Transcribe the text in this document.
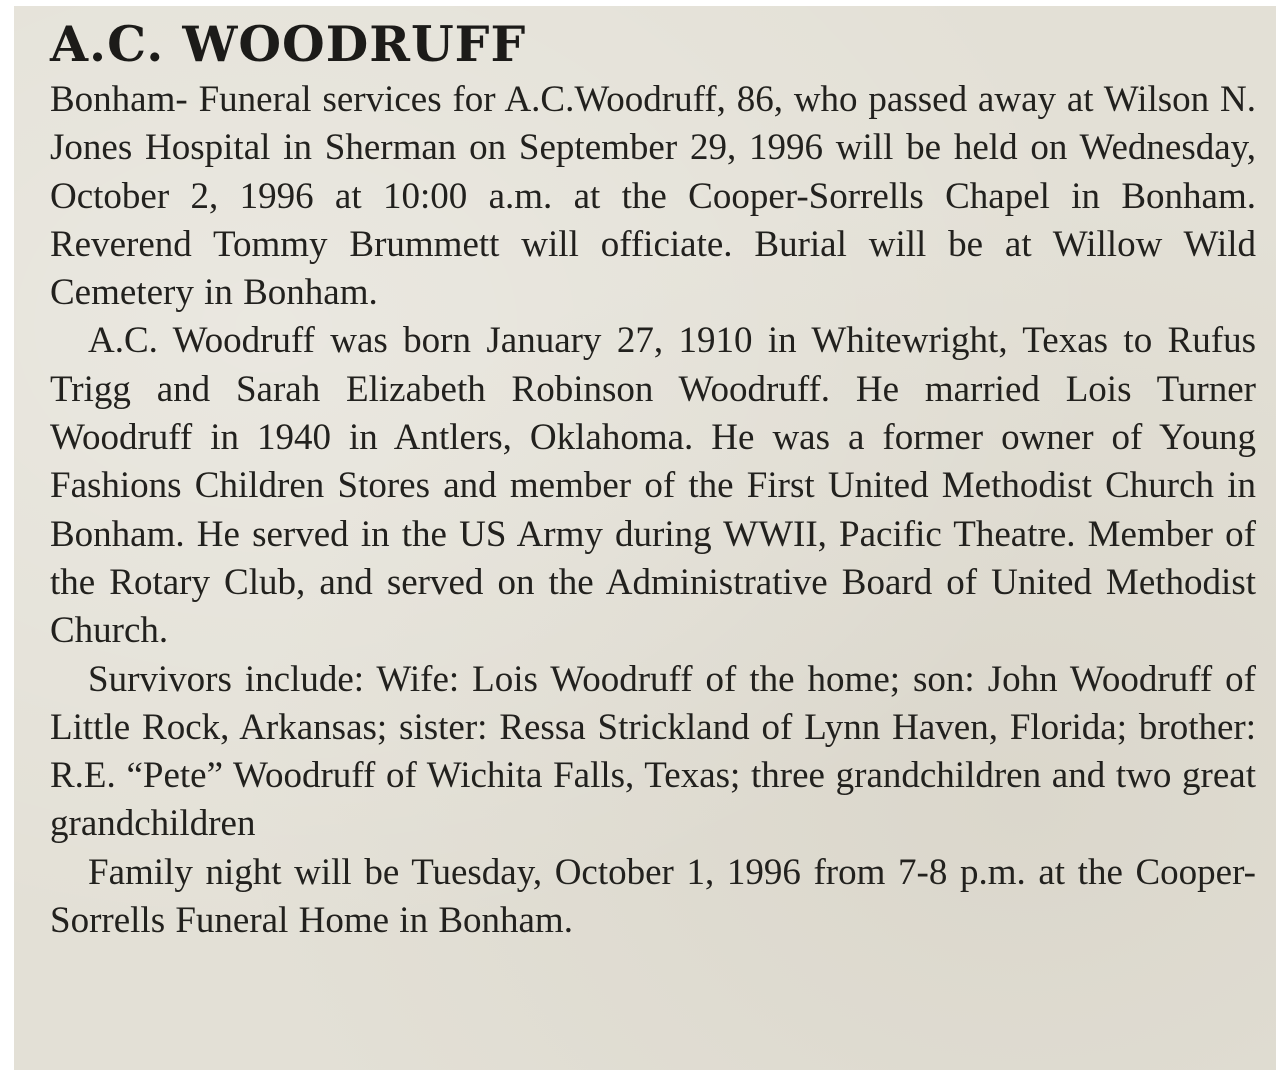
A.C. WOODRUFF

Bonham- Funeral services for A.C.Woodruff, 86, who passed away at Wilson N. Jones Hospital in Sherman on September 29, 1996 will be held on Wednesday, October 2, 1996 at 10:00 a.m. at the Cooper-Sorrells Chapel in Bonham. Reverend Tommy Brummett will officiate. Burial will be at Willow Wild Cemetery in Bonham.

A.C. Woodruff was born January 27, 1910 in Whitewright, Texas to Rufus Trigg and Sarah Elizabeth Robinson Woodruff. He married Lois Turner Woodruff in 1940 in Antlers, Oklahoma. He was a former owner of Young Fashions Children Stores and member of the First United Methodist Church in Bonham. He served in the US Army during WWII, Pacific Theatre. Member of the Rotary Club, and served on the Administrative Board of United Methodist Church.

Survivors include: Wife: Lois Woodruff of the home; son: John Woodruff of Little Rock, Arkansas; sister: Ressa Strickland of Lynn Haven, Florida; brother: R.E. “Pete” Woodruff of Wichita Falls, Texas; three grandchildren and two great grandchildren

Family night will be Tuesday, October 1, 1996 from 7-8 p.m. at the Cooper-Sorrells Funeral Home in Bonham.
